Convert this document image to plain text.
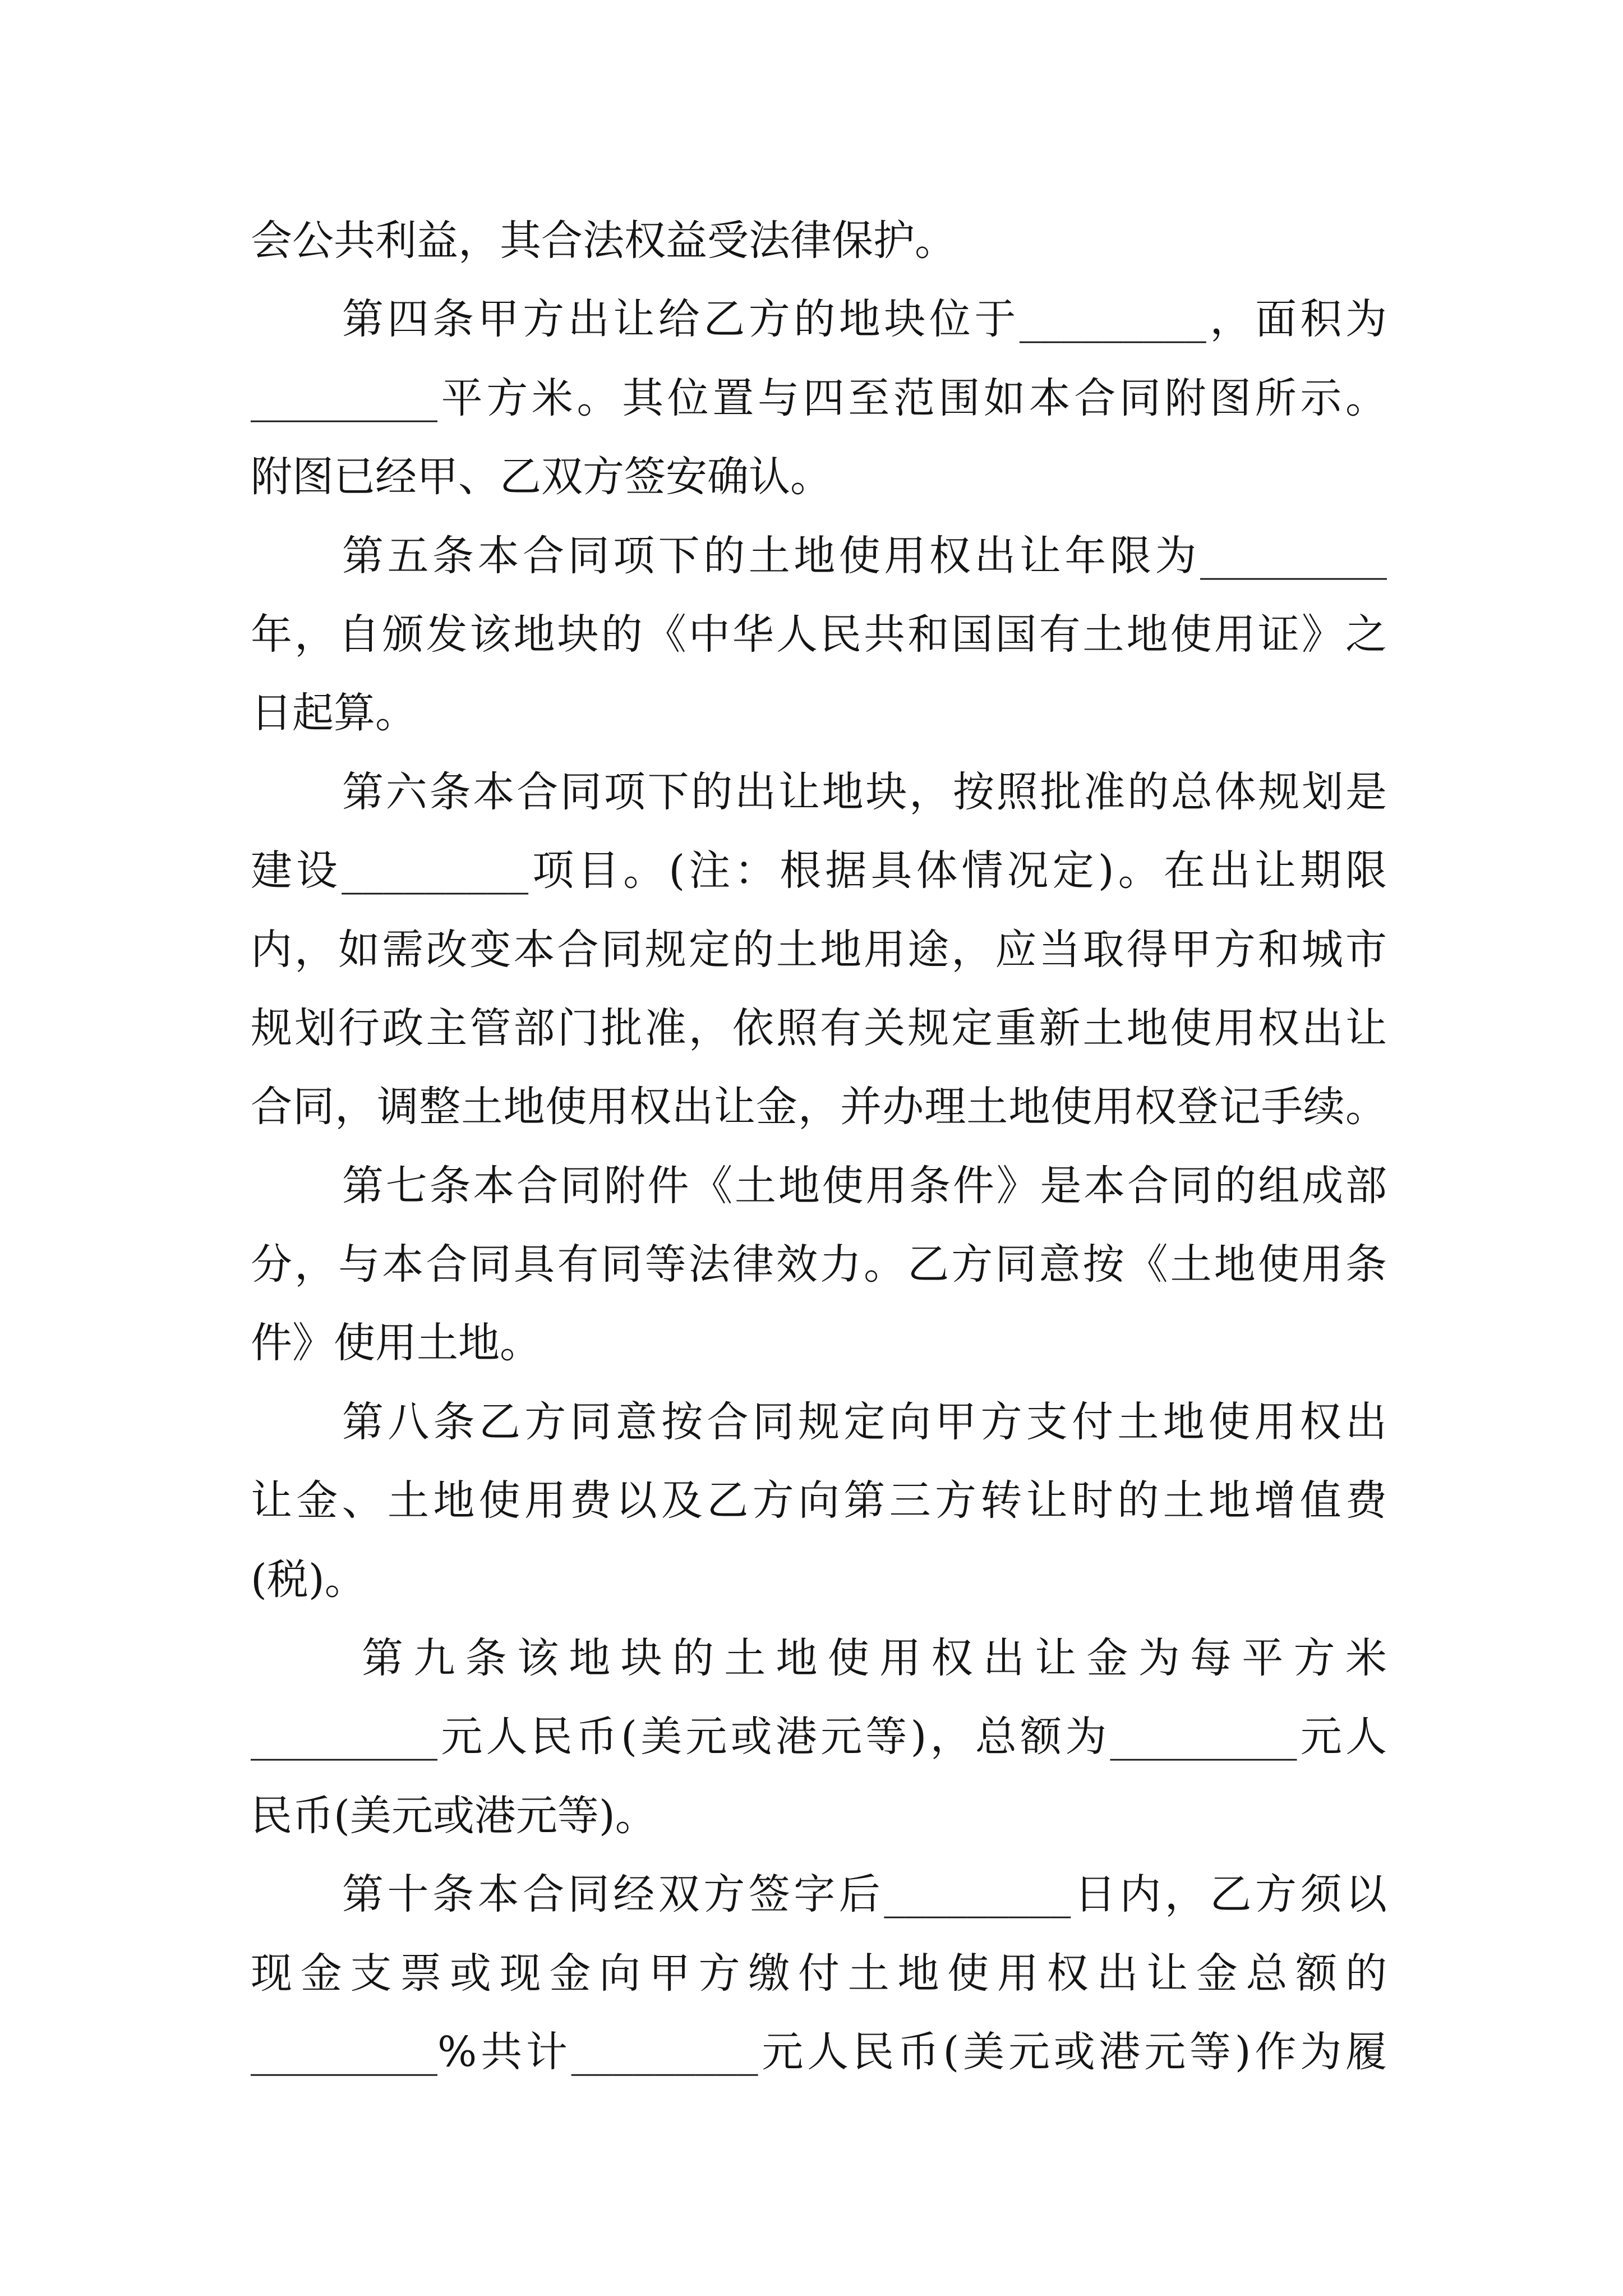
会公共利益，其合法权益受法律保护。
第四条甲方出让给乙方的地块位于_________，面积为
_________平方米。其位置与四至范围如本合同附图所示。
附图已经甲、乙双方签安确认。
第五条本合同项下的土地使用权出让年限为_________
年，自颁发该地块的《中华人民共和国国有土地使用证》之
日起算。
第六条本合同项下的出让地块，按照批准的总体规划是
建设_________项目。(注：根据具体情况定)。在出让期限
内，如需改变本合同规定的土地用途，应当取得甲方和城市
规划行政主管部门批准，依照有关规定重新土地使用权出让
合同，调整土地使用权出让金，并办理土地使用权登记手续。
第七条本合同附件《土地使用条件》是本合同的组成部
分，与本合同具有同等法律效力。乙方同意按《土地使用条
件》使用土地。
第八条乙方同意按合同规定向甲方支付土地使用权出
让金、土地使用费以及乙方向第三方转让时的土地增值费
(税)。
第九条该地块的土地使用权出让金为每平方米
_________元人民币(美元或港元等)，总额为_________元人
民币(美元或港元等)。
第十条本合同经双方签字后_________日内，乙方须以
现金支票或现金向甲方缴付土地使用权出让金总额的
_________%共计_________元人民币(美元或港元等)作为履
